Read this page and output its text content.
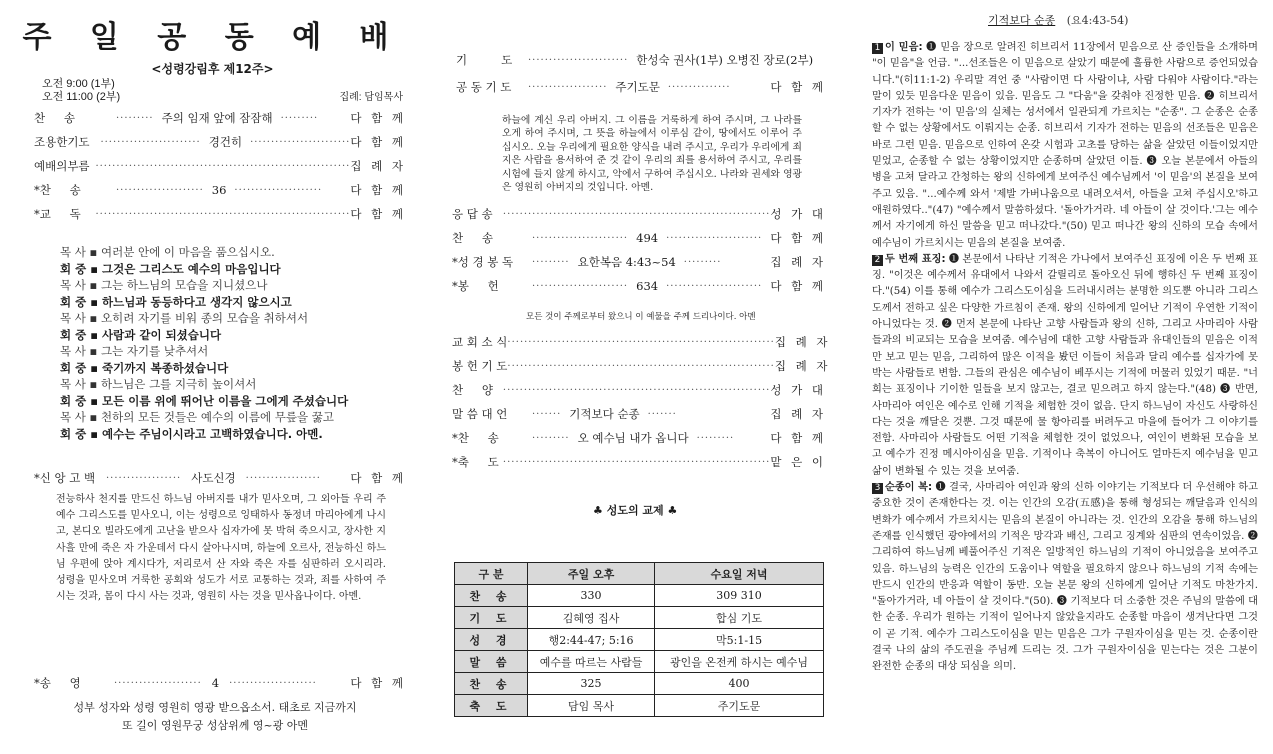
주 일 공 동 예 배
<성령강림후 제12주>
오전 9:00 (1부)
오전 11:00 (2부)	집례: 담임목사
찬 　 송	········· 주의 임재 앞에 잠잠해 ·········	다 함 께
조용한기도	························ 경건히 ························ 다 함 께
예배의부름 ····························································· 집 례 자
*찬 　 송	····················· 36 ····················· 다 함 께
*교 　 독	····························································· 다 함 께
목 사 ▪ 여러분 안에 이 마음을 품으십시오.
회 중 ▪ 그것은 그리스도 예수의 마음입니다
목 사 ▪ 그는 하느님의 모습을 지니셨으나
회 중 ▪ 하느님과 동등하다고 생각지 않으시고
목 사 ▪ 오히려 자기를 비워 종의 모습을 취하셔서
회 중 ▪ 사람과 같이 되셨습니다
목 사 ▪ 그는 자기를 낮추셔서
회 중 ▪ 죽기까지 복종하셨습니다
목 사 ▪ 하느님은 그를 지극히 높이셔서
회 중 ▪ 모든 이름 위에 뛰어난 이름을 그에게 주셨습니다
목 사 ▪ 천하의 모든 것들은 예수의 이름에 무릎을 꿇고
회 중 ▪ 예수는 주님이시라고 고백하였습니다. 아멘.
*신 앙 고 백	·················· 사도신경	··················	다 함 께
전능하사 천지를 만드신 하느님 아버지를 내가 믿사오며, 그 외아들 우리 주 예수 그리스도를 믿사오니, 이는 성령으로 잉태하사 동정녀 마리아에게 나시고, 본디오 빌라도에게 고난을 받으사 십자가에 못 박혀 죽으시고, 장사한 지 사흘 만에 죽은 자 가운데서 다시 살아나시며, 하늘에 오르사, 전능하신 하느님 우편에 앉아 계시다가, 저리로서 산 자와 죽은 자를 심판하러 오시리라. 성령을 믿사오며 거룩한 공회와 성도가 서로 교통하는 것과, 죄를 사하여 주시는 것과, 몸이 다시 사는 것과, 영원히 사는 것을 믿사옵나이다. 아멘.
*송 　 영	····················· 4	·····················	다 함 께
성부 성자와 성령 영원히 영광 받으옵소서. 태초로 지금까지
또 길이 영원무궁 성삼위께 영~광 아멘
기 　 　 도	························ 한성숙 권사(1부) 오병진 장로(2부)
공 동 기 도	··················· 주기도문 ···············	다 함 께
하늘에 계신 우리 아버지. 그 이름을 거룩하게 하여 주시며, 그 나라를 오게 하여 주시며, 그 뜻을 하늘에서 이루심 같이, 땅에서도 이루어 주십시오. 오늘 우리에게 필요한 양식을 내려 주시고, 우리가 우리에게 죄지은 사람을 용서하여 준 것 같이 우리의 죄를 용서하여 주시고, 우리를 시험에 들지 않게 하시고, 악에서 구하여 주십시오. 나라와 권세와 영광은 영원히 아버지의 것입니다. 아멘.
응 답 송	································································ 성 가 대
찬 　 송	······················· 494 ······················· 다 함 께
*성 경 봉 독	········· 요한복음 4:43~54 ·········	집 례 자
*봉 　 헌	······················· 634 ······················· 다 함 께
모든 것이 주께로부터 왔으니 이 예물을 주께 드리나이다. 아멘
교 회 소 식 ································································ 집 례 자
봉 헌 기 도 ································································ 집 례 자
찬 　 양 ································································ 성 가 대
말 씀 대 언	······· 기적보다 순종 ·······	집 례 자
*찬 　 송	········· 오 예수님 내가 옵니다 ·········	다 함 께
*축 　 도 ································································ 맡 은 이
♣ 성도의 교제 ♣
구 분	주일 오후	수요일 저녁
찬 송	330	309 310
기 도	김혜영 집사	합심 기도
성 경	행2:44-47; 5:16	막5:1-15
말 씀	예수를 따르는 사람들	광인을 온전케 하시는 예수님
찬 송	325	400
축 도	담임 목사	주기도문
기적보다 순종 (요4:43-54)
1 이 믿음: ❶ 믿음 장으로 알려진 히브리서 11장에서 믿음으로 산 증인들을 소개하며 "이 믿음"을 언급. "...선조들은 이 믿음으로 살았기 때문에 훌륭한 사람으로 증언되었습니다."(히11:1-2) 우리말 격언 중 "사람이면 다 사람이냐, 사람 다워야 사람이다."라는 말이 있듯 믿음다운 믿음이 있음. 믿음도 그 "다움"을 갖춰야 진정한 믿음. ❷ 히브리서 기자가 전하는 '이 믿음'의 실체는 성서에서 일관되게 가르치는 "순종". 그 순종은 순종할 수 없는 상황에서도 이뤄지는 순종. 히브리서 기자가 전하는 믿음의 선조들은 믿음은 바로 그런 믿음. 믿음으로 인하여 온갖 시험과 고초를 당하는 삶을 살았던 이들이었지만 믿었고, 순종할 수 없는 상황이었지만 순종하며 살았던 이들. ❸ 오늘 본문에서 아들의 병을 고쳐 달라고 간청하는 왕의 신하에게 보여주신 예수님께서 '이 믿음'의 본질을 보여주고 있음. "...예수께 와서 '제발 가버나움으로 내려오셔서, 아들을 고쳐 주십시오'하고 애원하였다.."(47) "예수께서 말씀하셨다. '돌아가거라. 네 아들이 살 것이다.'그는 예수께서 자기에게 하신 말씀을 믿고 떠나갔다."(50) 믿고 떠나간 왕의 신하의 모습 속에서 예수님이 가르치시는 믿음의 본질을 보여줌.
2 두 번째 표징: ❶ 본문에서 나타난 기적은 가나에서 보여주신 표징에 이은 두 번째 표징. "이것은 예수께서 유대에서 나와서 갈릴리로 돌아오신 뒤에 행하신 두 번째 표징이다."(54) 이를 통해 예수가 그리스도이심을 드러내시려는 분명한 의도뿐 아니라 그리스도께서 전하고 싶은 다양한 가르침이 존재. 왕의 신하에게 일어난 기적이 우연한 기적이 아니었다는 것. ❷ 먼저 본문에 나타난 고향 사람들과 왕의 신하, 그리고 사마리아 사람들과의 비교되는 모습을 보여줌. 예수님에 대한 고향 사람들과 유대인들의 믿음은 이적만 보고 믿는 믿음, 그리하여 많은 이적을 봤던 이들이 처음과 달리 예수를 십자가에 못 박는 사람들로 변함. 그들의 관심은 예수님이 베푸시는 기적에 머물러 있었기 때문. "너희는 표징이나 기이한 일들을 보지 않고는, 결코 믿으려고 하지 않는다."(48) ❸ 반면, 사마리아 여인은 예수로 인해 기적을 체험한 것이 없음. 단지 하느님이 자신도 사랑하신다는 것을 깨달은 것뿐. 그것 때문에 물 항아리를 버려두고 마을에 들어가 그 이야기를 전함. 사마리아 사람들도 어떤 기적을 체험한 것이 없었으나, 여인이 변화된 모습을 보고 예수가 진정 메시아이심을 믿음. 기적이나 축복이 아니어도 얼마든지 예수님을 믿고 삶이 변화될 수 있는 것을 보여줌.
3 순종이 복: ❶ 결국, 사마리아 여인과 왕의 신하 이야기는 기적보다 더 우선해야 하고 중요한 것이 존재한다는 것. 이는 인간의 오감(五感)을 통해 형성되는 깨달음과 인식의 변화가 예수께서 가르치시는 믿음의 본질이 아니라는 것. 인간의 오감을 통해 하느님의 존재를 인식했던 광야에서의 기적은 망각과 배신, 그리고 징계와 심판의 연속이었음. ❷ 그리하여 하느님께 베풀어주신 기적은 일방적인 하느님의 기적이 아니었음을 보여주고 있음. 하느님의 능력은 인간의 도움이나 역할을 필요하지 않으나 하느님의 기적 속에는 반드시 인간의 반응과 역할이 동반. 오늘 본문 왕의 신하에게 일어난 기적도 마찬가지. "돌아가거라, 네 아들이 살 것이다."(50). ❸ 기적보다 더 소중한 것은 주님의 말씀에 대한 순종. 우리가 원하는 기적이 일어나지 않았을지라도 순종할 마음이 생겨난다면 그것이 곧 기적. 예수가 그리스도이심을 믿는 믿음은 그가 구원자이심을 믿는 것. 순종이란 결국 나의 삶의 주도권을 주님께 드리는 것. 그가 구원자이심을 믿는다는 것은 그분이 완전한 순종의 대상 되심을 의미.
